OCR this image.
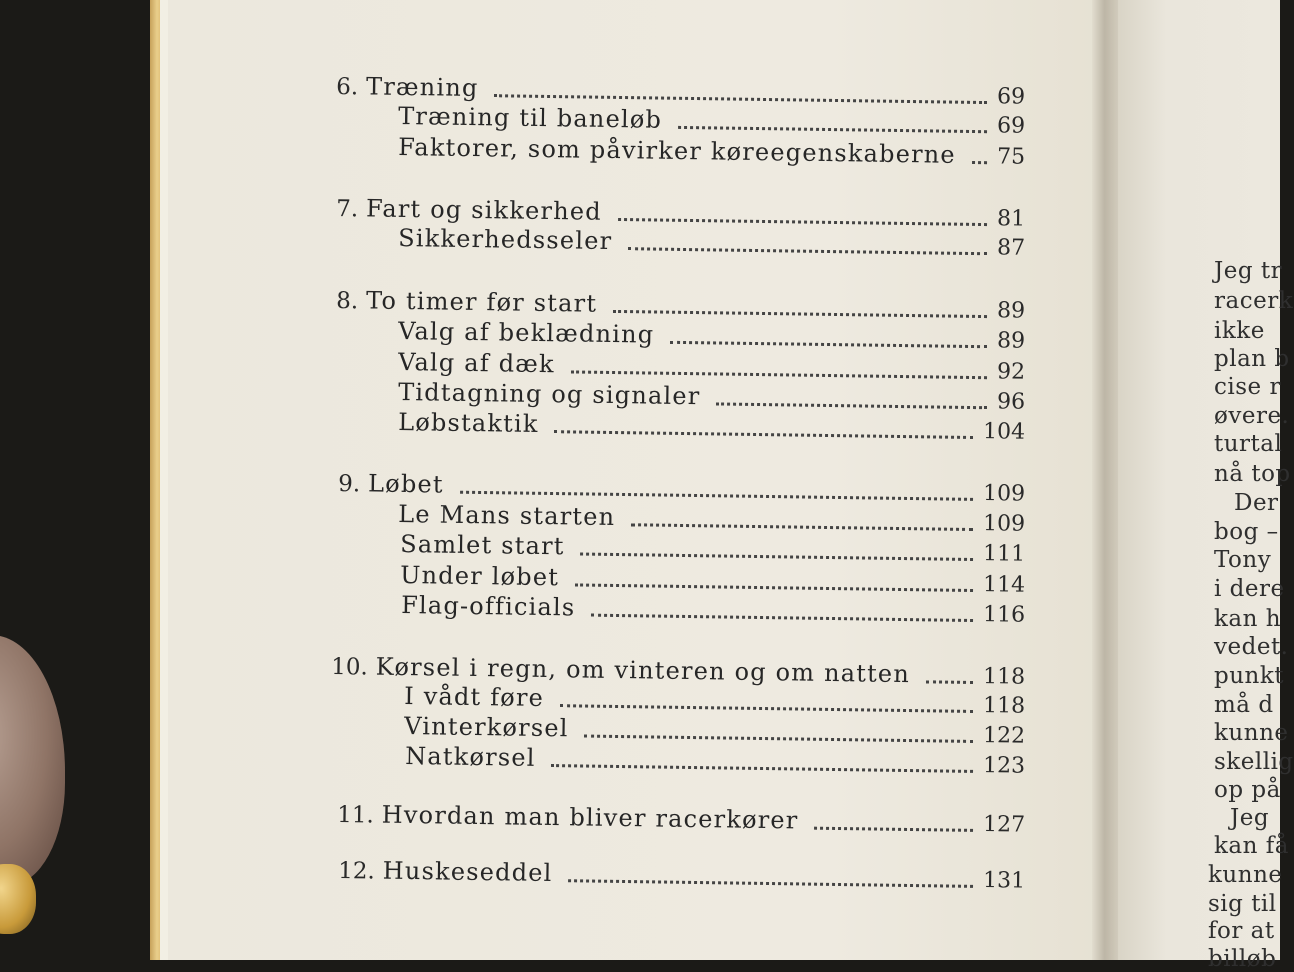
Jeg tr
racerk
ikke
plan b
cise r
øvere.
turtal
nå top
Der
bog –
Tony
i dere
kan h
vedet.
punkt
må d
kunne
skellig
op på
Jeg
kan få
kunne
sig til
for at
billøb
6. Træning	69
Træning til baneløb	69
Faktorer, som påvirker køreegenskaberne 75
7. Fart og sikkerhed	81
Sikkerhedsseler	87
8. To timer før start	89
Valg af beklædning	89
Valg af dæk	92
Tidtagning og signaler	96
Løbstaktik	104
9. Løbet	109
Le Mans starten	109
Samlet start	111
Under løbet	114
Flag-officials	116
10. Kørsel i regn, om vinteren og om natten	118
I vådt føre	118
Vinterkørsel	122
Natkørsel	123
11. Hvordan man bliver racerkører	127
12. Huskeseddel	131
